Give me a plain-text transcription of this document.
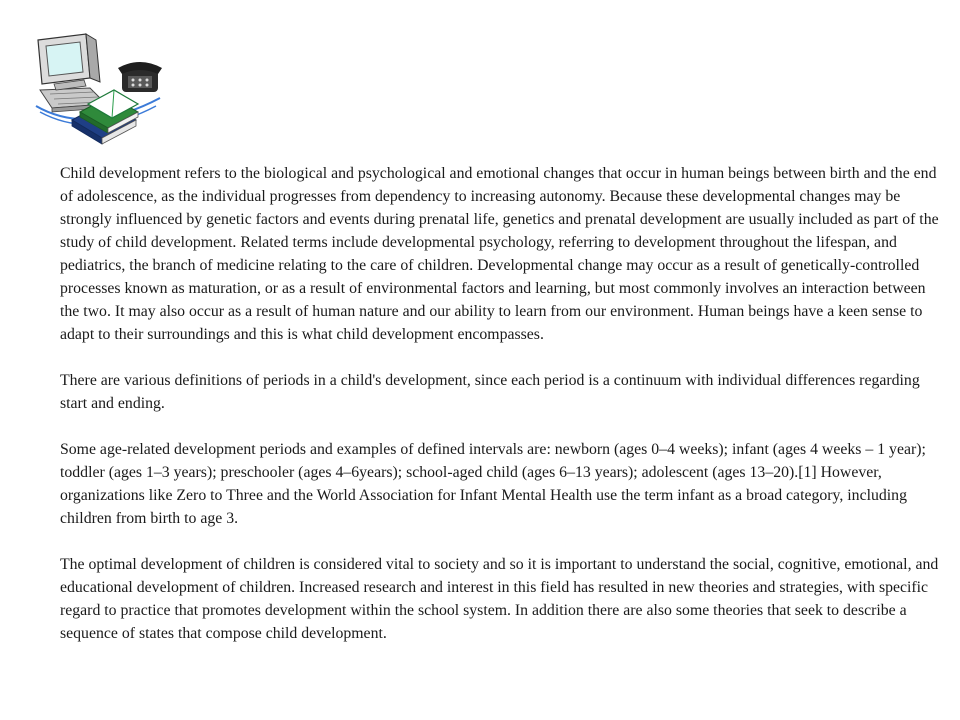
Child development refers to the biological and psychological and emotional changes that occur in human beings between birth and the end of adolescence, as the individual progresses from dependency to increasing autonomy. Because these developmental changes may be strongly influenced by genetic factors and events during prenatal life, genetics and prenatal development are usually included as part of the study of child development. Related terms include developmental psychology, referring to development throughout the lifespan, and pediatrics, the branch of medicine relating to the care of children. Developmental change may occur as a result of genetically-controlled processes known as maturation, or as a result of environmental factors and learning, but most commonly involves an interaction between the two. It may also occur as a result of human nature and our ability to learn from our environment. Human beings have a keen sense to adapt to their surroundings and this is what child development encompasses.

There are various definitions of periods in a child's development, since each period is a continuum with individual differences regarding start and ending.

Some age-related development periods and examples of defined intervals are: newborn (ages 0–4 weeks); infant (ages 4 weeks – 1 year); toddler (ages 1–3 years); preschooler (ages 4–6years); school-aged child (ages 6–13 years); adolescent (ages 13–20).[1] However, organizations like Zero to Three and the World Association for Infant Mental Health use the term infant as a broad category, including children from birth to age 3.

The optimal development of children is considered vital to society and so it is important to understand the social, cognitive, emotional, and educational development of children. Increased research and interest in this field has resulted in new theories and strategies, with specific regard to practice that promotes development within the school system. In addition there are also some theories that seek to describe a sequence of states that compose child development.
